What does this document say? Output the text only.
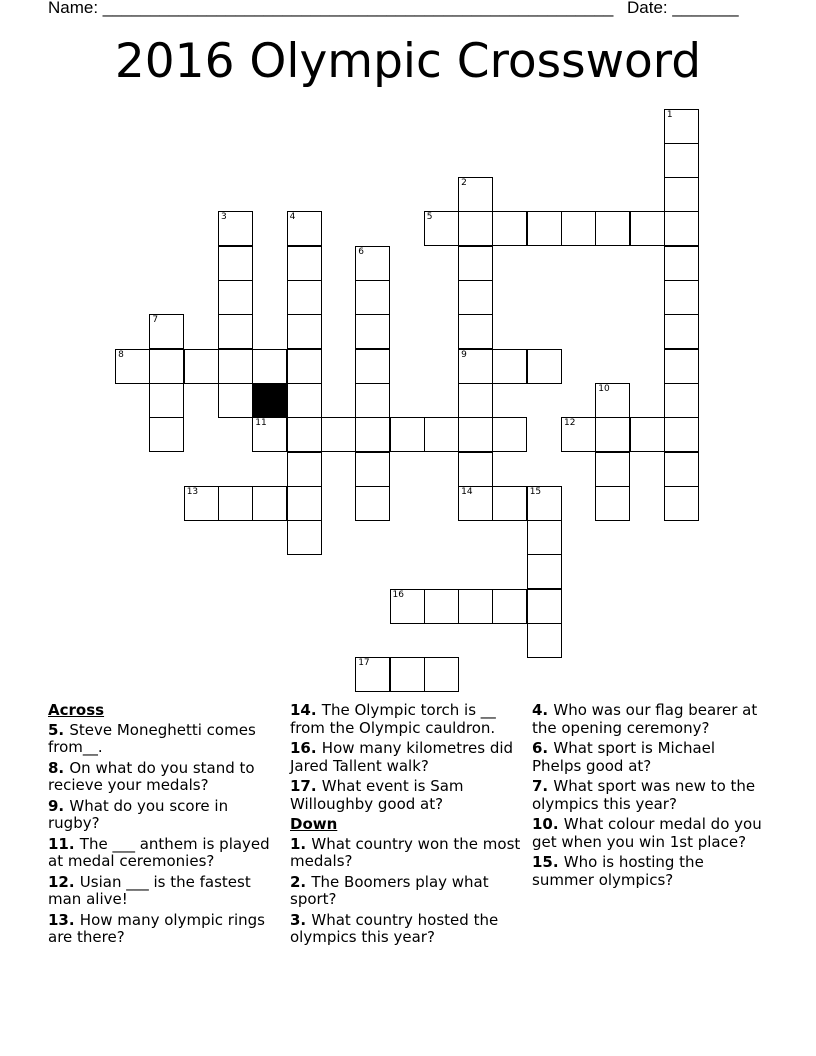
Name: ______________________________________________________ Date: _______
2016 Olympic Crossword
1
2
9
14
3	4	5
6
7
8
10
11	12
13	15
16
17
Across
5. Steve Moneghetti comes from__.
8. On what do you stand to recieve your medals?
9. What do you score in rugby?
11. The ___ anthem is played at medal ceremonies?
12. Usian ___ is the fastest man alive!
13. How many olympic rings are there?
14. The Olympic torch is __ from the Olympic cauldron.
16. How many kilometres did Jared Tallent walk?
17. What event is Sam Willoughby good at?
Down
1. What country won the most medals?
2. The Boomers play what sport?
3. What country hosted the olympics this year?
4. Who was our flag bearer at the opening ceremony?
6. What sport is Michael Phelps good at?
7. What sport was new to the olympics this year?
10. What colour medal do you get when you win 1st place?
15. Who is hosting the summer olympics?
